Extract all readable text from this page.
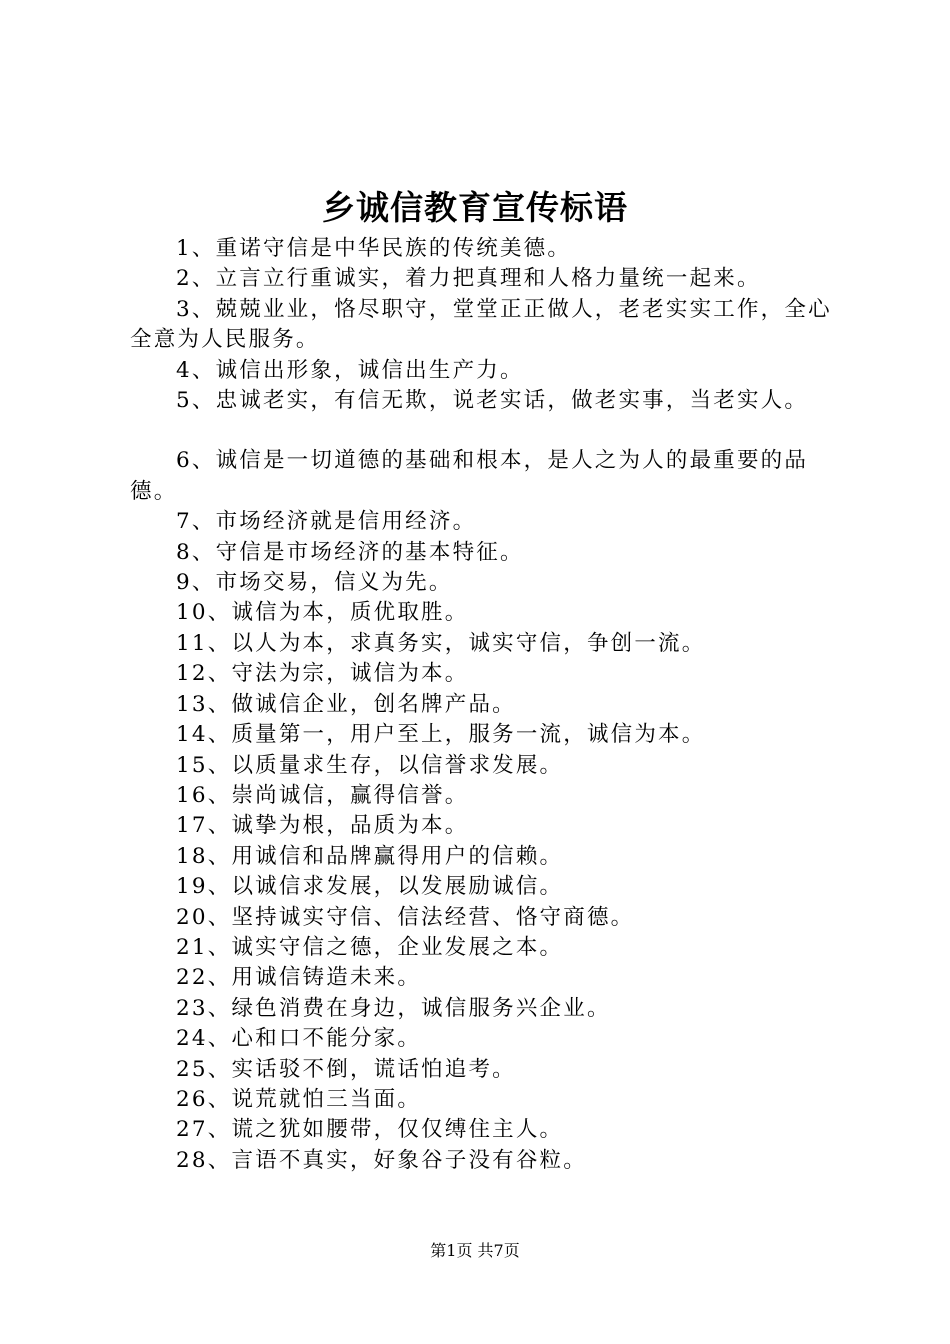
乡诚信教育宣传标语

1、重诺守信是中华民族的传统美德。

2、立言立行重诚实，着力把真理和人格力量统一起来。

3、兢兢业业，恪尽职守，堂堂正正做人，老老实实工作，全心全意为人民服务。

4、诚信出形象，诚信出生产力。

5、忠诚老实，有信无欺，说老实话，做老实事，当老实人。

6、诚信是一切道德的基础和根本，是人之为人的最重要的品德。

7、市场经济就是信用经济。

8、守信是市场经济的基本特征。

9、市场交易，信义为先。

10、诚信为本，质优取胜。

11、以人为本，求真务实，诚实守信，争创一流。

12、守法为宗，诚信为本。

13、做诚信企业，创名牌产品。

14、质量第一，用户至上，服务一流，诚信为本。

15、以质量求生存，以信誉求发展。

16、崇尚诚信，赢得信誉。

17、诚挚为根，品质为本。

18、用诚信和品牌赢得用户的信赖。

19、以诚信求发展，以发展励诚信。

20、坚持诚实守信、信法经营、恪守商德。

21、诚实守信之德，企业发展之本。

22、用诚信铸造未来。

23、绿色消费在身边，诚信服务兴企业。

24、心和口不能分家。

25、实话驳不倒，谎话怕追考。

26、说荒就怕三当面。

27、谎之犹如腰带，仅仅缚住主人。

28、言语不真实，好象谷子没有谷粒。

第1页 共7页
